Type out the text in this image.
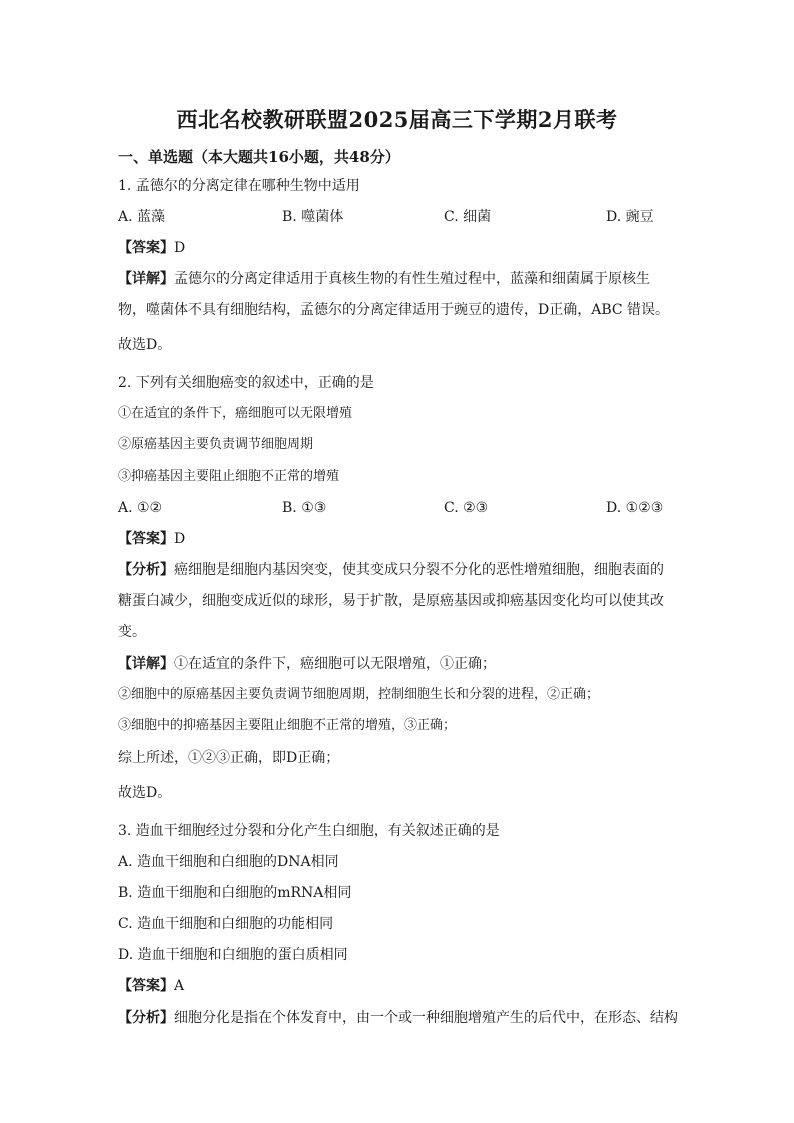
西北名校教研联盟2025届高三下学期2月联考
一、单选题（本大题共16小题，共48分）
1. 孟德尔的分离定律在哪种生物中适用
A. 蓝藻	B. 噬菌体	C. 细菌	D. 豌豆
【答案】D
【详解】孟德尔的分离定律适用于真核生物的有性生殖过程中，蓝藻和细菌属于原核生
物，噬菌体不具有细胞结构，孟德尔的分离定律适用于豌豆的遗传，D正确，ABC 错误。
故选D。
2. 下列有关细胞癌变的叙述中，正确的是
①在适宜的条件下，癌细胞可以无限增殖
②原癌基因主要负责调节细胞周期
③抑癌基因主要阻止细胞不正常的增殖
A. ①②	B. ①③	C. ②③	D. ①②③
【答案】D
【分析】癌细胞是细胞内基因突变，使其变成只分裂不分化的恶性增殖细胞，细胞表面的
糖蛋白减少，细胞变成近似的球形，易于扩散，是原癌基因或抑癌基因变化均可以使其改
变。
【详解】①在适宜的条件下，癌细胞可以无限增殖，①正确；
②细胞中的原癌基因主要负责调节细胞周期，控制细胞生长和分裂的进程，②正确；
③细胞中的抑癌基因主要阻止细胞不正常的增殖，③正确；
综上所述，①②③正确，即D正确；
故选D。
3. 造血干细胞经过分裂和分化产生白细胞，有关叙述正确的是
A. 造血干细胞和白细胞的DNA相同
B. 造血干细胞和白细胞的mRNA相同
C. 造血干细胞和白细胞的功能相同
D. 造血干细胞和白细胞的蛋白质相同
【答案】A
【分析】细胞分化是指在个体发育中，由一个或一种细胞增殖产生的后代中，在形态、结构
